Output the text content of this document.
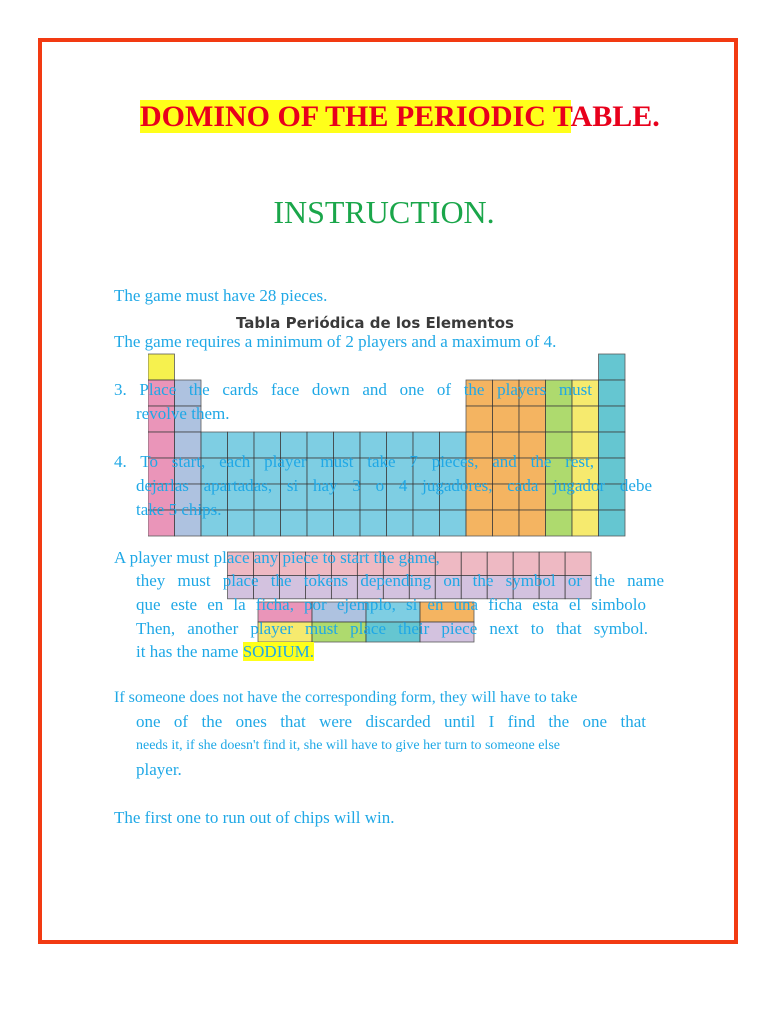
DOMINO OF THE PERIODIC TABLE.
INSTRUCTION.
Tabla Periódica de los Elementos
The game must have 28 pieces.
The game requires a minimum of 2 players and a maximum of 4.
3. Place the cards face down and one of the players must
revolve them.
4. To start, each player must take 7 pieces, and the rest,
dejarlas apartadas, si hay 3 o 4 jugadores, cada jugador debe
take 5 chips.
A player must place any piece to start the game,
they must place the tokens depending on the symbol or the name
que este en la ficha, por ejemplo, si en una ficha esta el simbolo
Then, another player must place their piece next to that symbol.
it has the name SODIUM.
If someone does not have the corresponding form, they will have to take
one of the ones that were discarded until I find the one that
needs it, if she doesn't find it, she will have to give her turn to someone else
player.
The first one to run out of chips will win.
